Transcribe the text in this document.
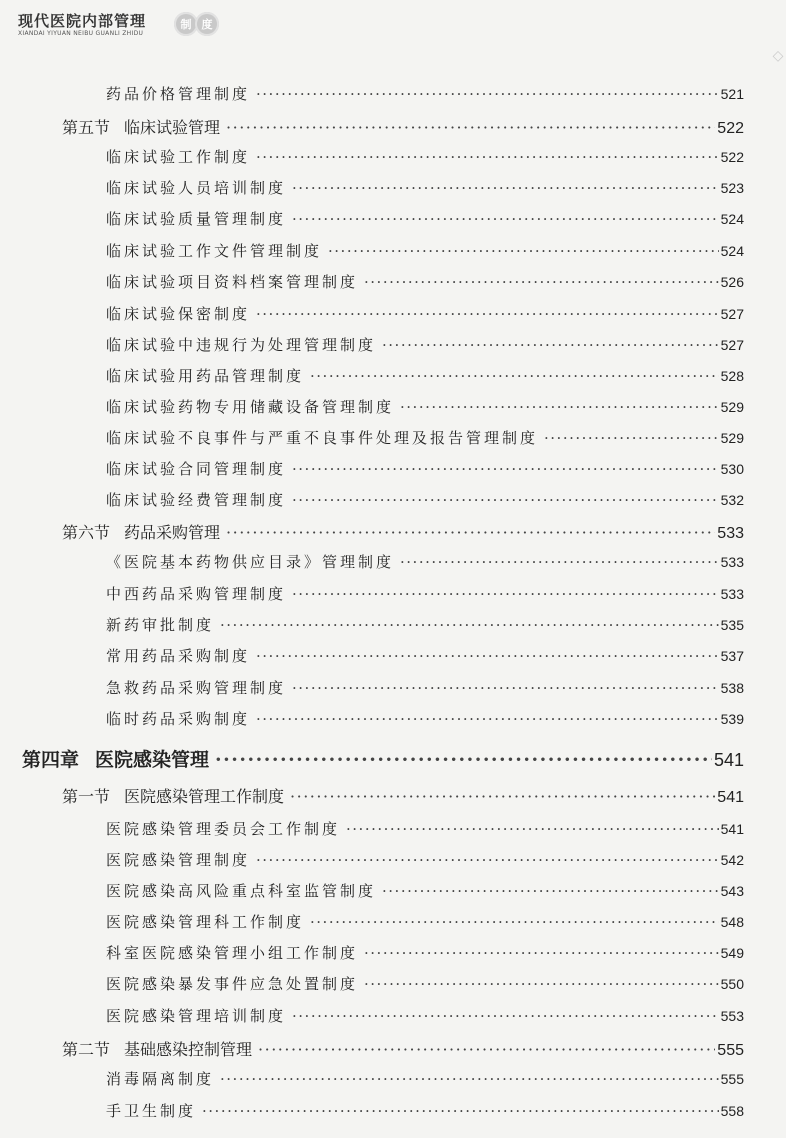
现代医院内部管理
XIANDAI YIYUAN NEIBU GUANLI ZHIDU
制 度
◇
药品价格管理制度 ·····	521
第五节 临床试验管理 ·····	522
临床试验工作制度 ·····	522
临床试验人员培训制度 ·····	523
临床试验质量管理制度 ·····	524
临床试验工作文件管理制度 ·····	524
临床试验项目资料档案管理制度 ·····	526
临床试验保密制度 ·····	527
临床试验中违规行为处理管理制度 ·····	527
临床试验用药品管理制度 ·····	528
临床试验药物专用储藏设备管理制度 ·····	529
临床试验不良事件与严重不良事件处理及报告管理制度 ·····	529
临床试验合同管理制度 ·····	530
临床试验经费管理制度 ·····	532
第六节 药品采购管理 ·····	533
《医院基本药物供应目录》管理制度 ·····	533
中西药品采购管理制度 ·····	533
新药审批制度 ·····	535
常用药品采购制度 ·····	537
急救药品采购管理制度 ·····	538
临时药品采购制度 ·····	539
第四章 医院感染管理 ·····	541
第一节 医院感染管理工作制度 ·····	541
医院感染管理委员会工作制度 ·····	541
医院感染管理制度 ·····	542
医院感染高风险重点科室监管制度 ·····	543
医院感染管理科工作制度 ·····	548
科室医院感染管理小组工作制度 ·····	549
医院感染暴发事件应急处置制度 ·····	550
医院感染管理培训制度 ·····	553
第二节 基础感染控制管理 ·····	555
消毒隔离制度 ·····	555
手卫生制度 ·····	558
